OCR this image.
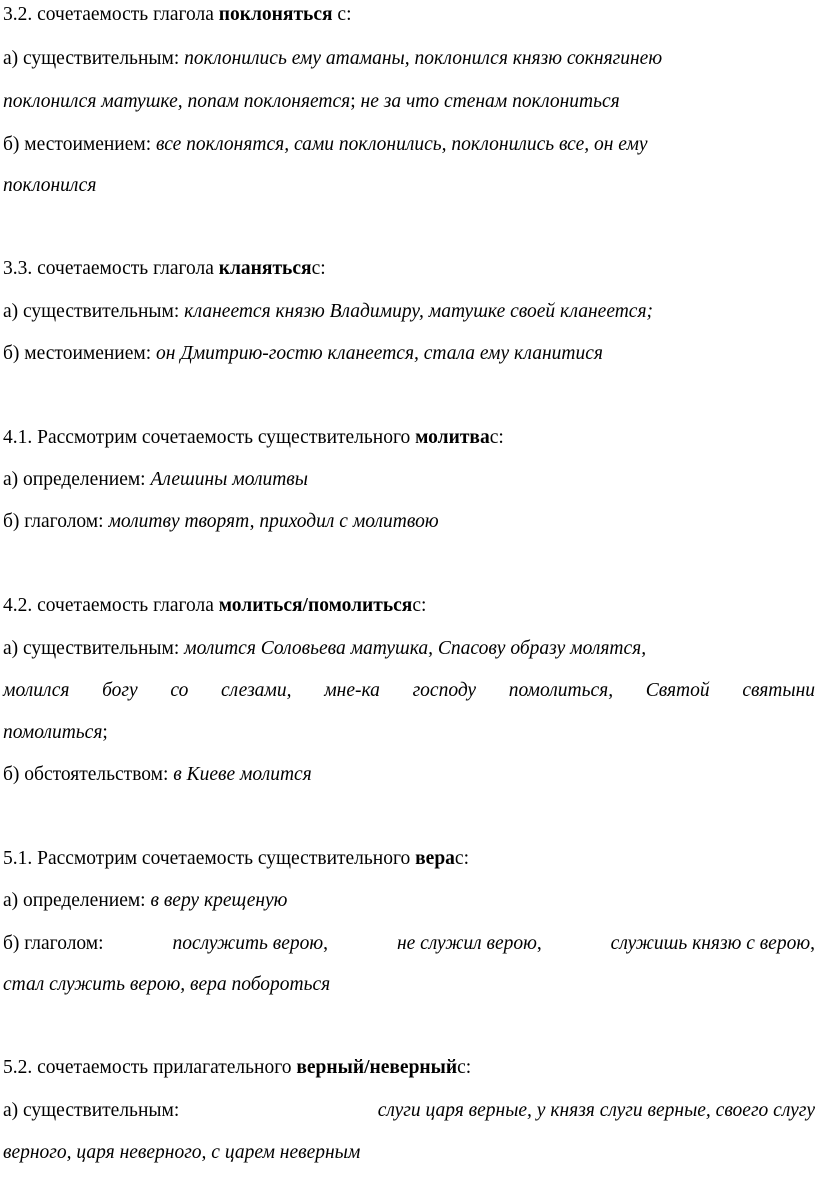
3.2. сочетаемость глагола поклоняться с:
а) существительным: поклонились ему атаманы, поклонился князю сокнягинею
поклонился матушке, попам поклоняется; не за что стенам поклониться
б) местоимением: все поклонятся, сами поклонились, поклонились все, он ему
поклонился
3.3. сочетаемость глагола кланятьсяс:
а) существительным: кланеется князю Владимиру, матушке своей кланеется;
б) местоимением: он Дмитрию-гостю кланеется, стала ему кланитися
4.1. Рассмотрим сочетаемость существительного молитвас:
а) определением: Алешины молитвы
б) глаголом: молитву творят, приходил с молитвою
4.2. сочетаемость глагола молиться/помолитьсяс:
а) существительным: молится Соловьева матушка, Спасову образу молятся,
молился богу со слезами, мне-ка господу помолиться, Святой святыни
помолиться;
б) обстоятельством: в Киеве молится
5.1. Рассмотрим сочетаемость существительного верас:
а) определением: в веру крещеную
б) глаголом:	послужить верою,	не служил верою,	служишь князю с верою,
стал служить верою, вера побороться
5.2. сочетаемость прилагательного верный/неверныйс:
а) существительным:	слуги царя верные, у князя слуги верные, своего слугу
верного, царя неверного, с царем неверным
